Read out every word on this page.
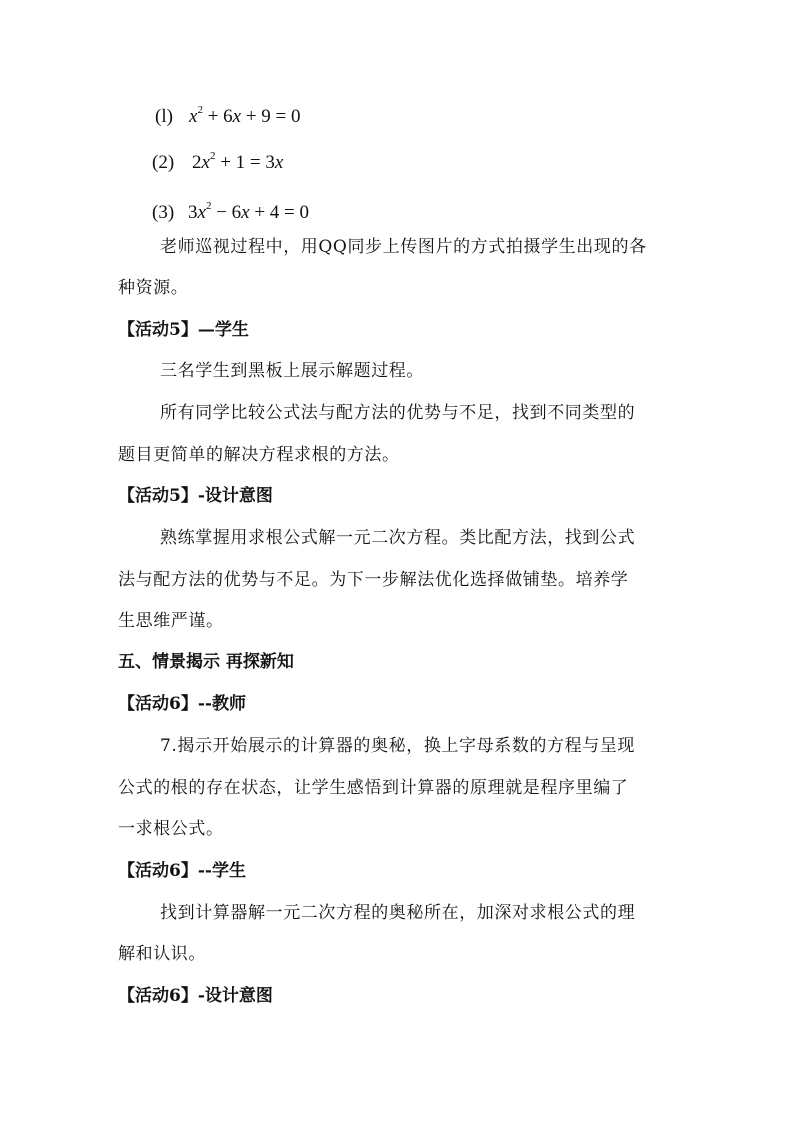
(l) $x^2 + 6x + 9 = 0$
(2) $2x^2 + 1 = 3x$
(3) $3x^2 - 6x + 4 = 0$
老师巡视过程中，用QQ同步上传图片的方式拍摄学生出现的各
种资源。
【活动5】—学生
三名学生到黑板上展示解题过程。
所有同学比较公式法与配方法的优势与不足，找到不同类型的
题目更简单的解决方程求根的方法。
【活动5】-设计意图
熟练掌握用求根公式解一元二次方程。类比配方法，找到公式
法与配方法的优势与不足。为下一步解法优化选择做铺垫。培养学
生思维严谨。
五、情景揭示 再探新知
【活动6】--教师
7.揭示开始展示的计算器的奥秘，换上字母系数的方程与呈现
公式的根的存在状态，让学生感悟到计算器的原理就是程序里编了
一求根公式。
【活动6】--学生
找到计算器解一元二次方程的奥秘所在，加深对求根公式的理
解和认识。
【活动6】-设计意图
